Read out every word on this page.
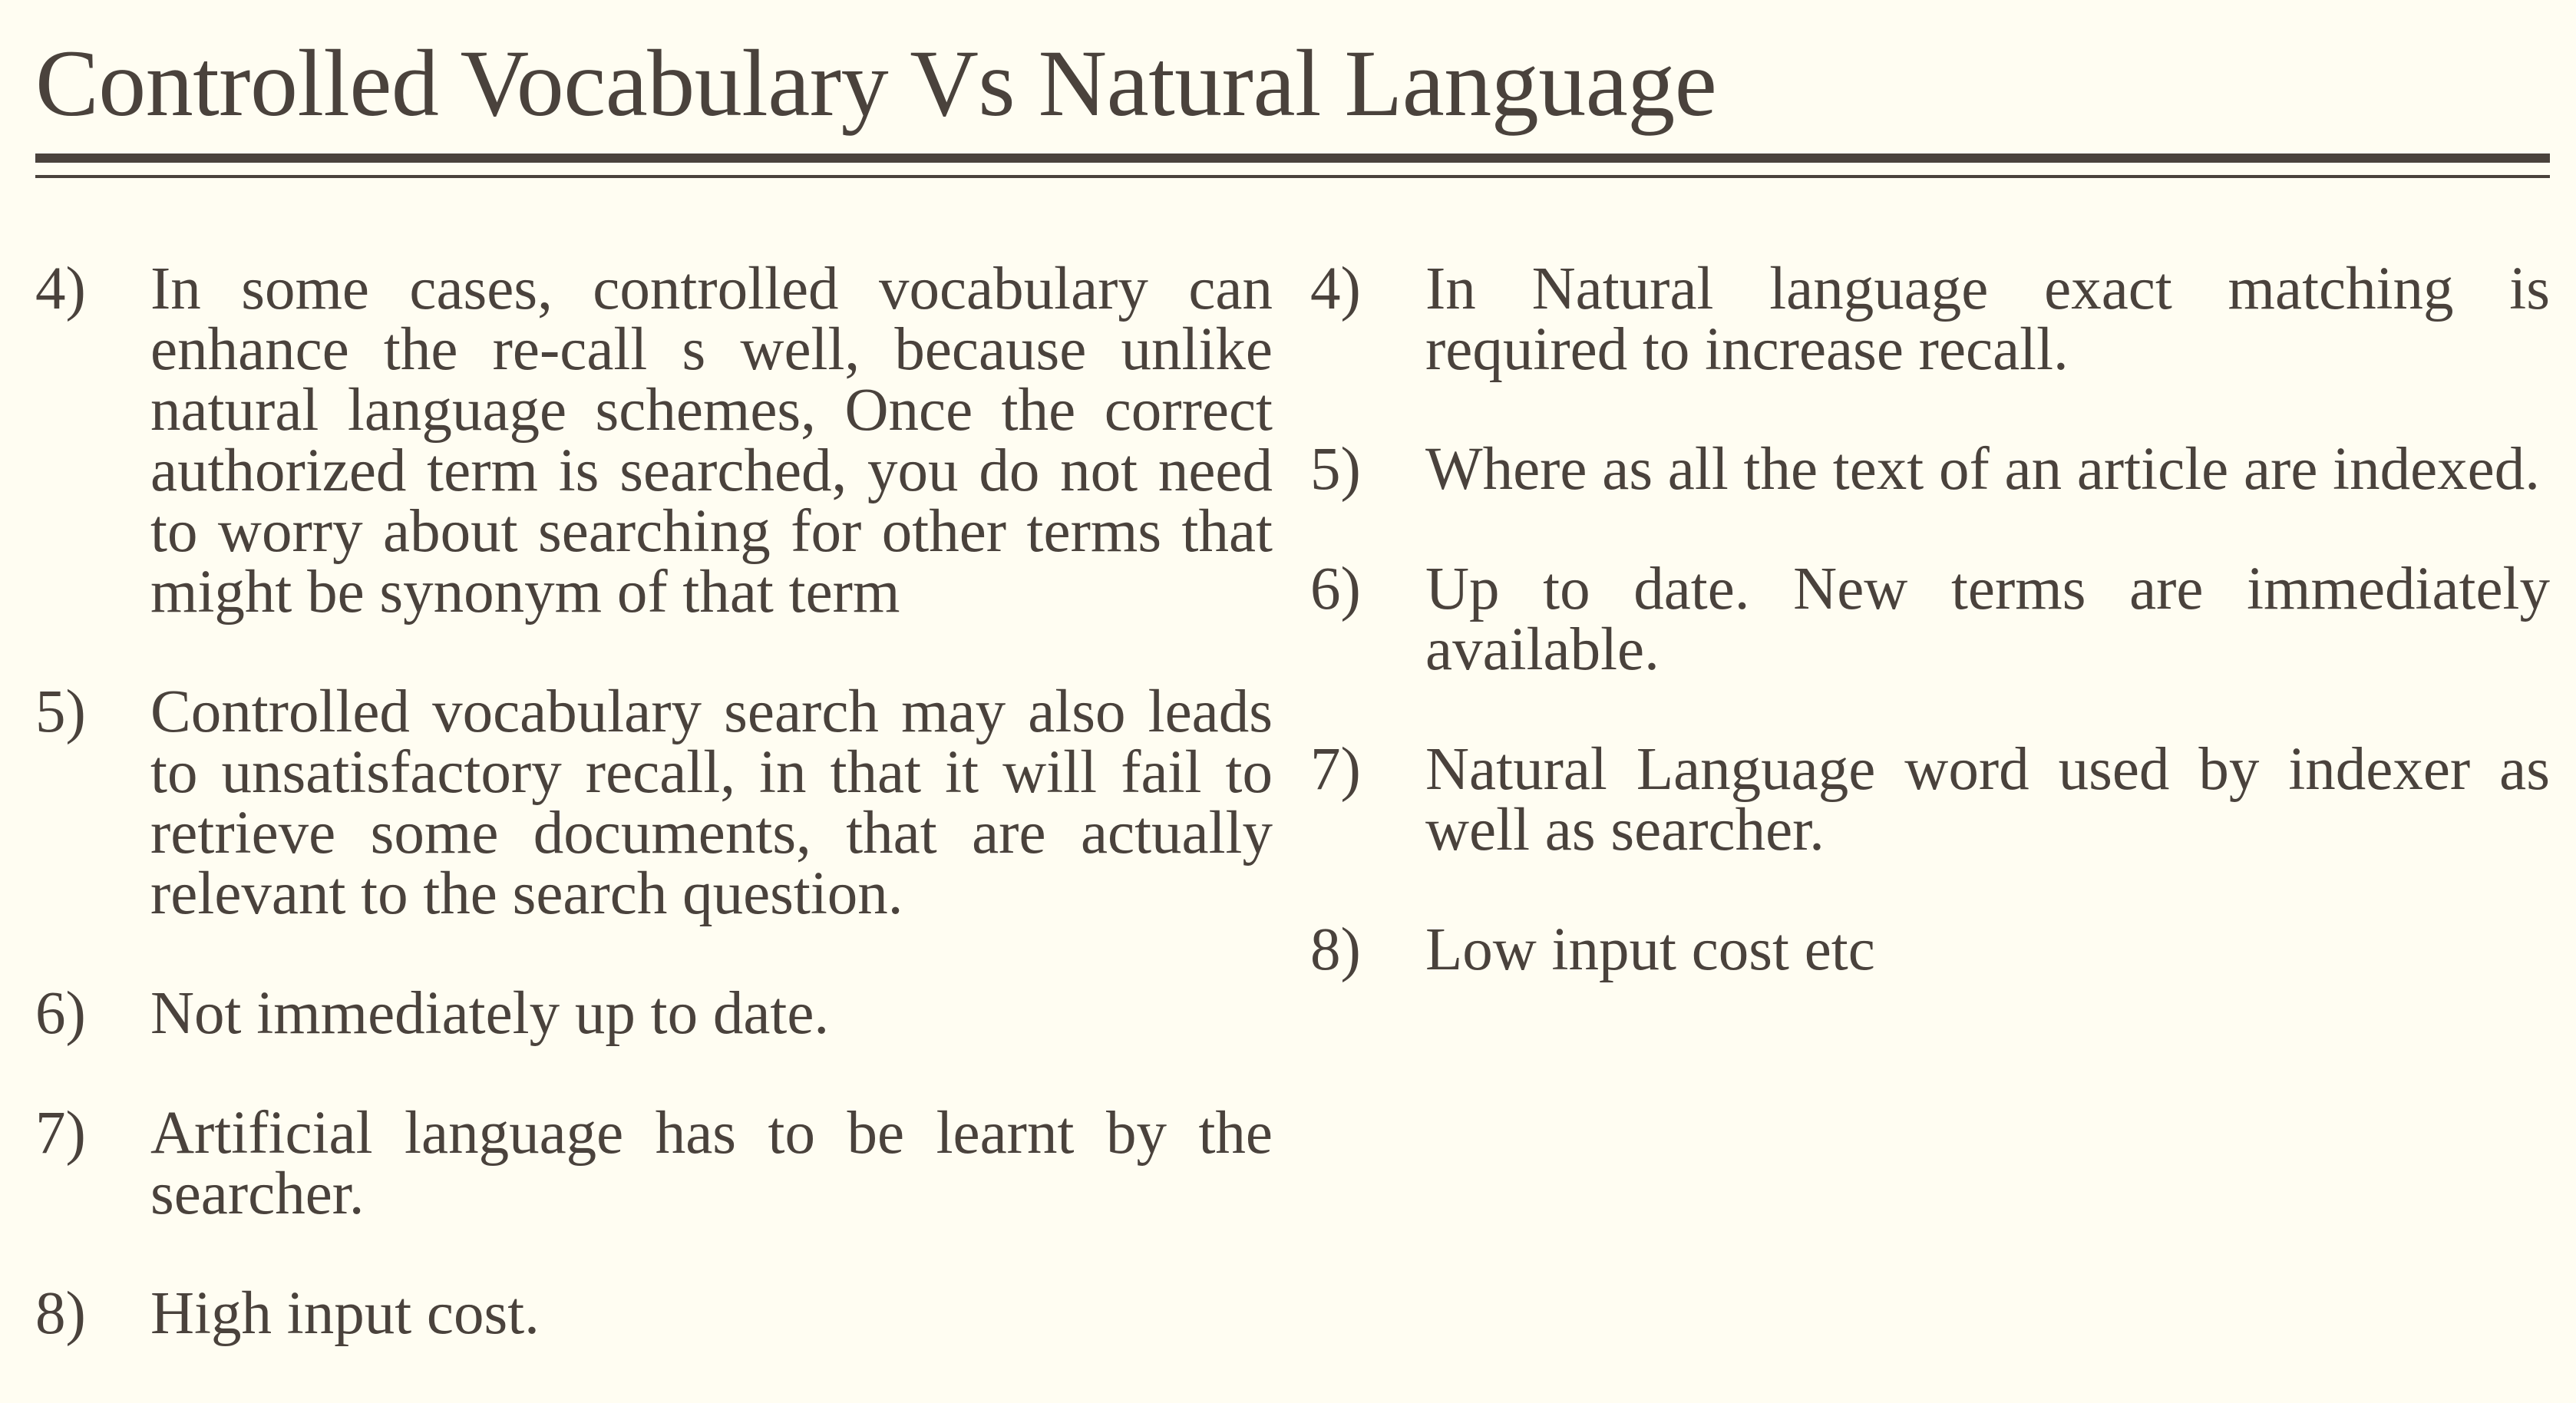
Controlled Vocabulary Vs Natural Language
4)	In some cases, controlled vocabulary can enhance the re-call s well, because unlike natural language schemes, Once the correct authorized term is searched, you do not need to worry about searching for other terms that might be synonym of that term
5)	Controlled vocabulary search may also leads to unsatisfactory recall, in that it will fail to retrieve some documents, that are actually relevant to the search question.
6)	Not immediately up to date.
7)	Artificial language has to be learnt by the searcher.
8)	High input cost.
4)	In Natural language exact matching is required to increase recall.
5)	Where as all the text of an article are indexed.
6)	Up to date. New terms are immediately available.
7)	Natural Language word used by indexer as well as searcher.
8)	Low input cost etc
